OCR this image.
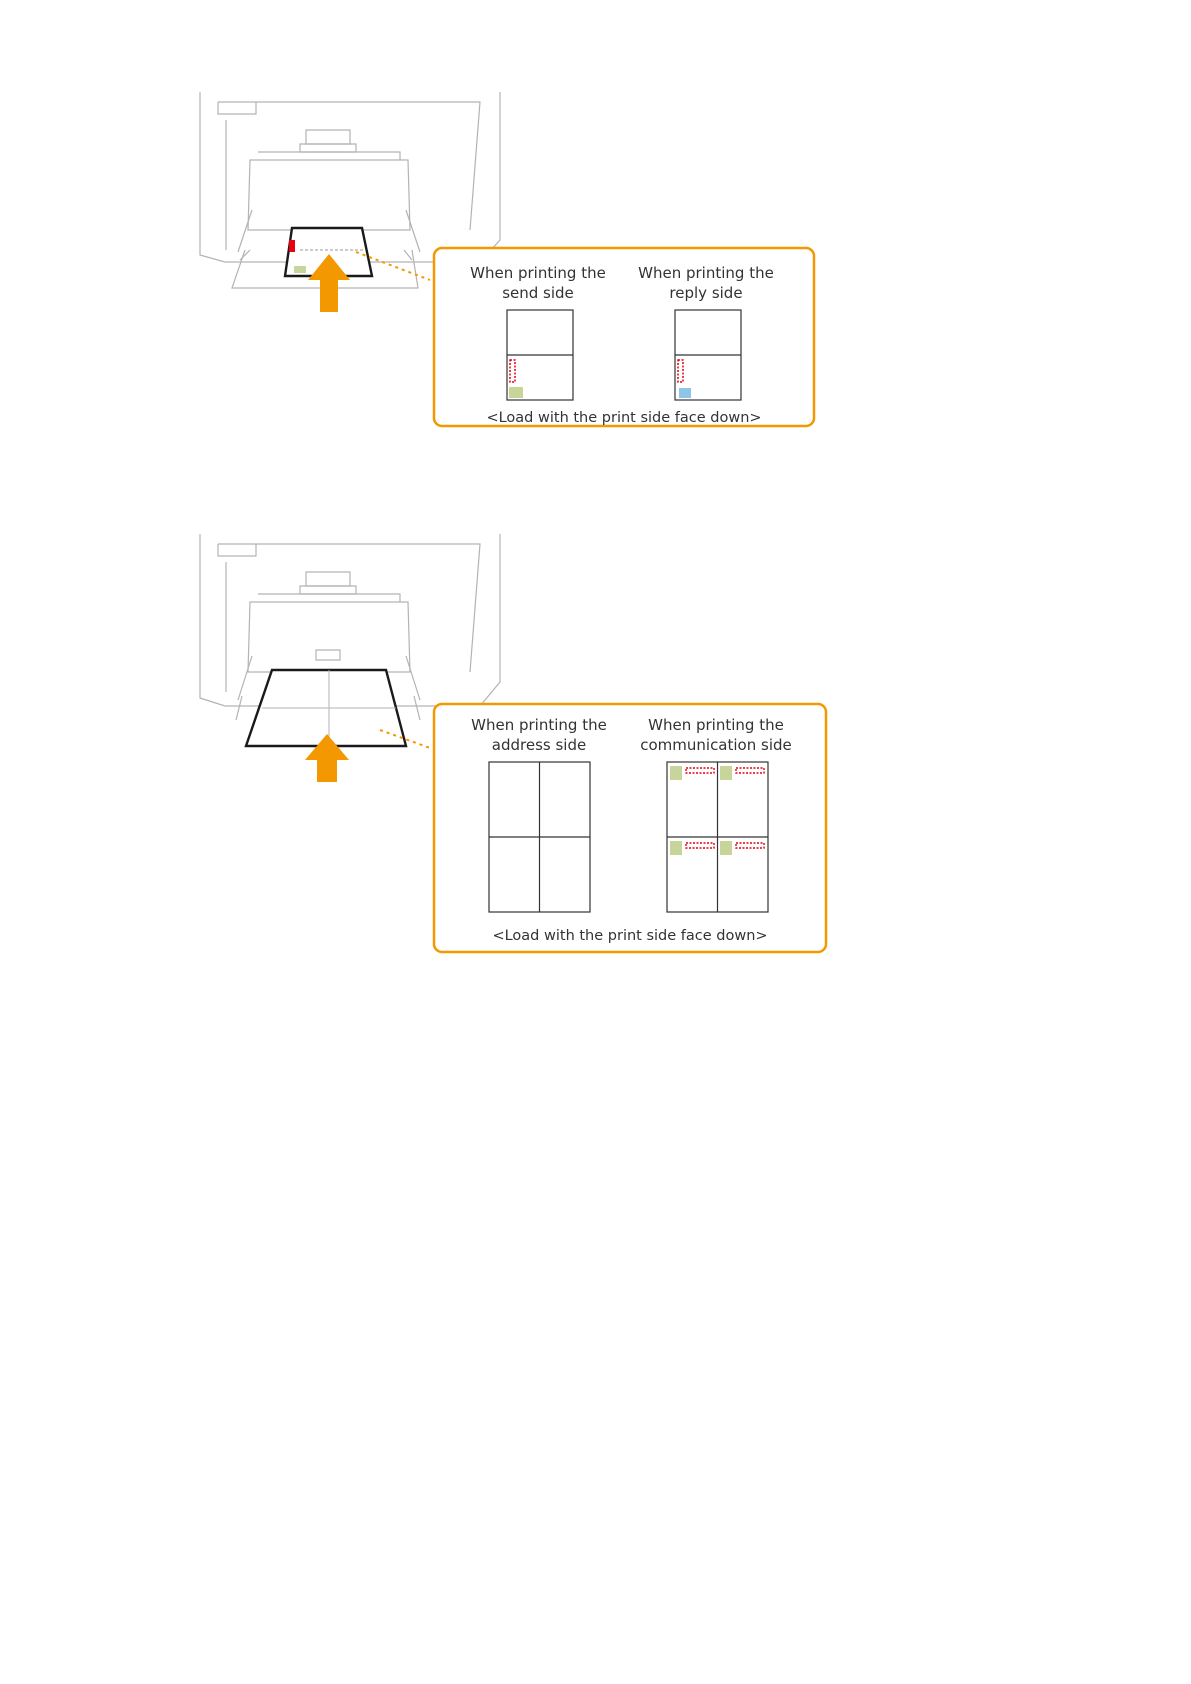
When printing the
send side
When printing the
reply side
<Load with the print side face down>
When printing the
address side
When printing the
communication side
<Load with the print side face down>
